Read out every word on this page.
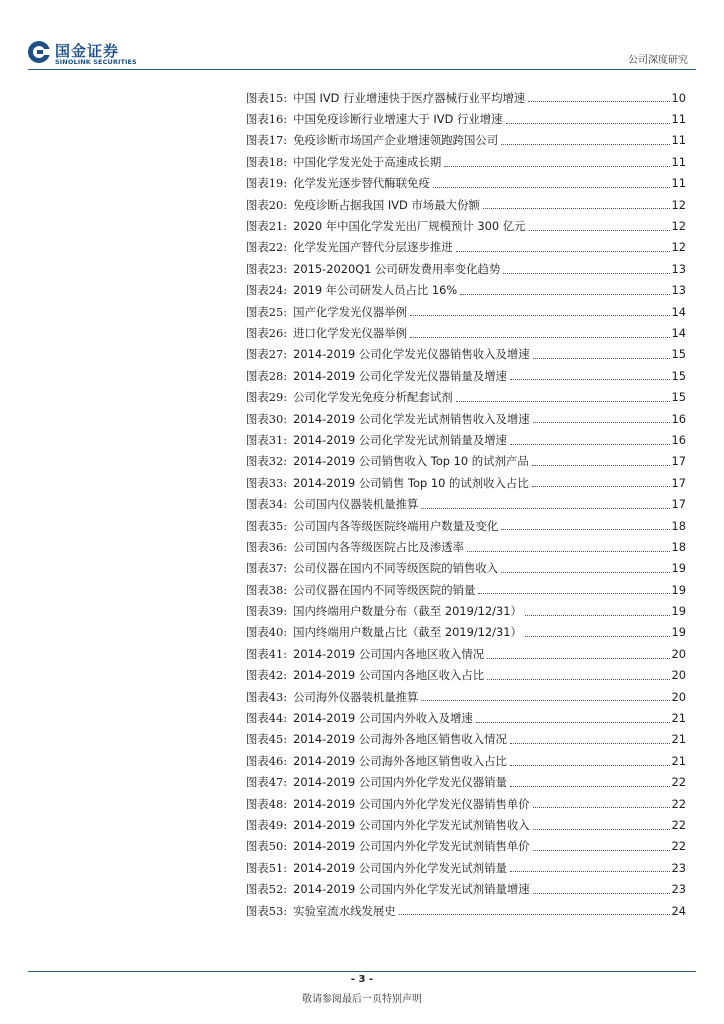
国金证券
SINOLINK SECURITIES	公司深度研究
图表15: 中国 IVD 行业增速快于医疗器械行业平均增速	10
图表16: 中国免疫诊断行业增速大于 IVD 行业增速	11
图表17: 免疫诊断市场国产企业增速领跑跨国公司	11
图表18: 中国化学发光处于高速成长期	11
图表19: 化学发光逐步替代酶联免疫	11
图表20: 免疫诊断占据我国 IVD 市场最大份额	12
图表21: 2020 年中国化学发光出厂规模预计 300 亿元	12
图表22: 化学发光国产替代分层逐步推进	12
图表23: 2015-2020Q1 公司研发费用率变化趋势	13
图表24: 2019 年公司研发人员占比 16%	13
图表25: 国产化学发光仪器举例	14
图表26: 进口化学发光仪器举例	14
图表27: 2014-2019 公司化学发光仪器销售收入及增速	15
图表28: 2014-2019 公司化学发光仪器销量及增速	15
图表29: 公司化学发光免疫分析配套试剂	15
图表30: 2014-2019 公司化学发光试剂销售收入及增速	16
图表31: 2014-2019 公司化学发光试剂销量及增速	16
图表32: 2014-2019 公司销售收入 Top 10 的试剂产品	17
图表33: 2014-2019 公司销售 Top 10 的试剂收入占比	17
图表34: 公司国内仪器装机量推算	17
图表35: 公司国内各等级医院终端用户数量及变化	18
图表36: 公司国内各等级医院占比及渗透率	18
图表37: 公司仪器在国内不同等级医院的销售收入	19
图表38: 公司仪器在国内不同等级医院的销量	19
图表39: 国内终端用户数量分布（截至 2019/12/31）	19
图表40: 国内终端用户数量占比（截至 2019/12/31）	19
图表41: 2014-2019 公司国内各地区收入情况	20
图表42: 2014-2019 公司国内各地区收入占比	20
图表43: 公司海外仪器装机量推算	20
图表44: 2014-2019 公司国内外收入及增速	21
图表45: 2014-2019 公司海外各地区销售收入情况	21
图表46: 2014-2019 公司海外各地区销售收入占比	21
图表47: 2014-2019 公司国内外化学发光仪器销量	22
图表48: 2014-2019 公司国内外化学发光仪器销售单价	22
图表49: 2014-2019 公司国内外化学发光试剂销售收入	22
图表50: 2014-2019 公司国内外化学发光试剂销售单价	22
图表51: 2014-2019 公司国内外化学发光试剂销量	23
图表52: 2014-2019 公司国内外化学发光试剂销量增速	23
图表53: 实验室流水线发展史	24
- 3 -
敬请参阅最后一页特别声明
